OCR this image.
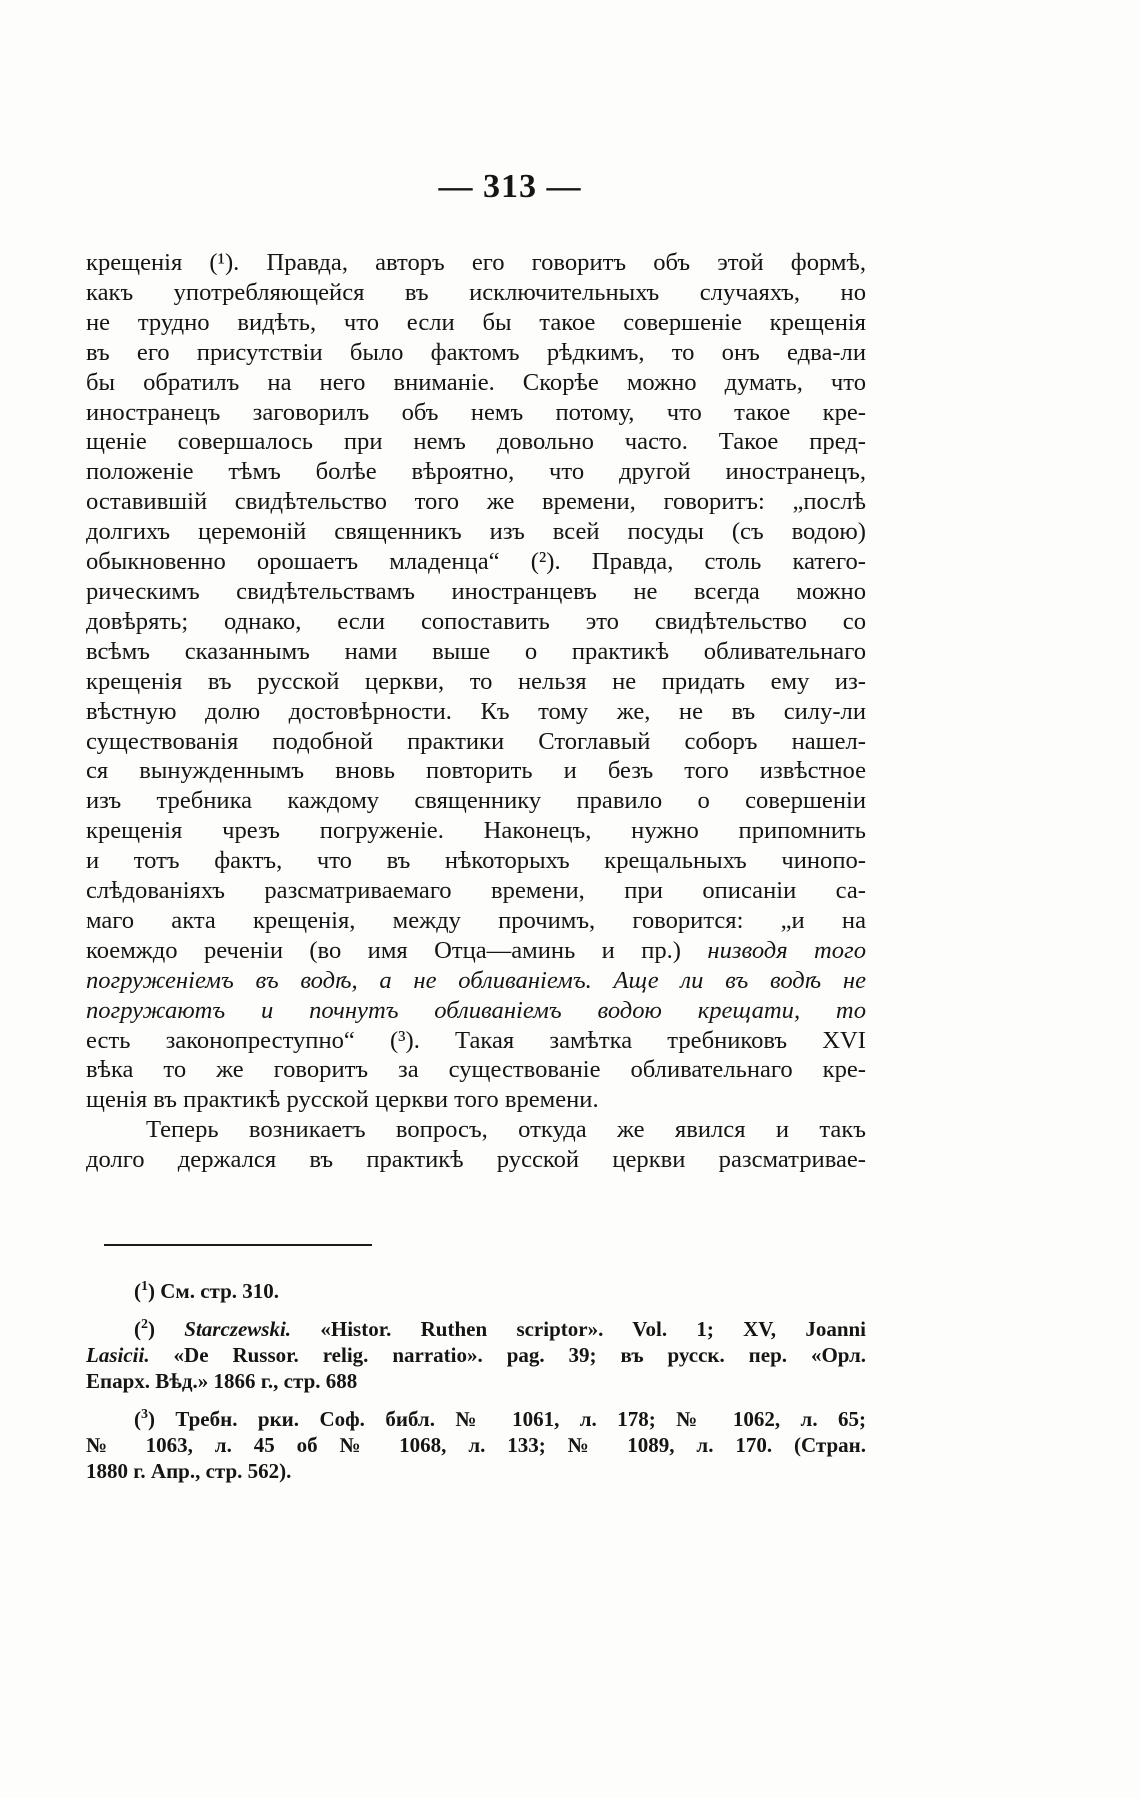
— 313 —
крещенія (¹). Правда, авторъ его говоритъ объ этой формѣ,
какъ употребляющейся въ исключительныхъ случаяхъ, но
не трудно видѣть, что если бы такое совершеніе крещенія
въ его присутствіи было фактомъ рѣдкимъ, то онъ едва-ли
бы обратилъ на него вниманіе. Скорѣе можно думать, что
иностранецъ заговорилъ объ немъ потому, что такое кре-
щеніе совершалось при немъ довольно часто. Такое пред-
положеніе тѣмъ болѣе вѣроятно, что другой иностранецъ,
оставившій свидѣтельство того же времени, говоритъ: „послѣ
долгихъ церемоній священникъ изъ всей посуды (съ водою)
обыкновенно орошаетъ младенца“ (²). Правда, столь катего-
рическимъ свидѣтельствамъ иностранцевъ не всегда можно
довѣрять; однако, если сопоставить это свидѣтельство со
всѣмъ сказаннымъ нами выше о практикѣ обливательнаго
крещенія въ русской церкви, то нельзя не придать ему из-
вѣстную долю достовѣрности. Къ тому же, не въ силу-ли
существованія подобной практики Стоглавый соборъ нашел-
ся вынужденнымъ вновь повторить и безъ того извѣстное
изъ требника каждому священнику правило о совершеніи
крещенія чрезъ погруженіе. Наконецъ, нужно припомнить
и тотъ фактъ, что въ нѣкоторыхъ крещальныхъ чинопо-
слѣдованіяхъ разсматриваемаго времени, при описаніи са-
маго акта крещенія, между прочимъ, говорится: „и на
коемждо реченіи (во имя Отца—аминь и пр.) низводя того
погруженіемъ въ водѣ, а не обливаніемъ. Аще ли въ водѣ не
погружаютъ и почнутъ обливаніемъ водою крещати, то
есть законопреступно“ (³). Такая замѣтка требниковъ XVI
вѣка то же говоритъ за существованіе обливательнаго кре-
щенія въ практикѣ русской церкви того времени.
Теперь возникаетъ вопросъ, откуда же явился и такъ
долго держался въ практикѣ русской церкви разсматривае-
($^1$) См. стр. 310.
($^2$) Starczewski. «Histor. Ruthen scriptor». Vol. 1; XV, Joanni
Lasicii. «De Russor. relig. narratio». pag. 39; въ русск. пер. «Орл.
Епарх. Вѣд.» 1866 г., стр. 688
($^3$) Требн. рки. Соф. библ. № 1061, л. 178; № 1062, л. 65;
№ 1063, л. 45 об № 1068, л. 133; № 1089, л. 170. (Стран.
1880 г. Апр., стр. 562).
